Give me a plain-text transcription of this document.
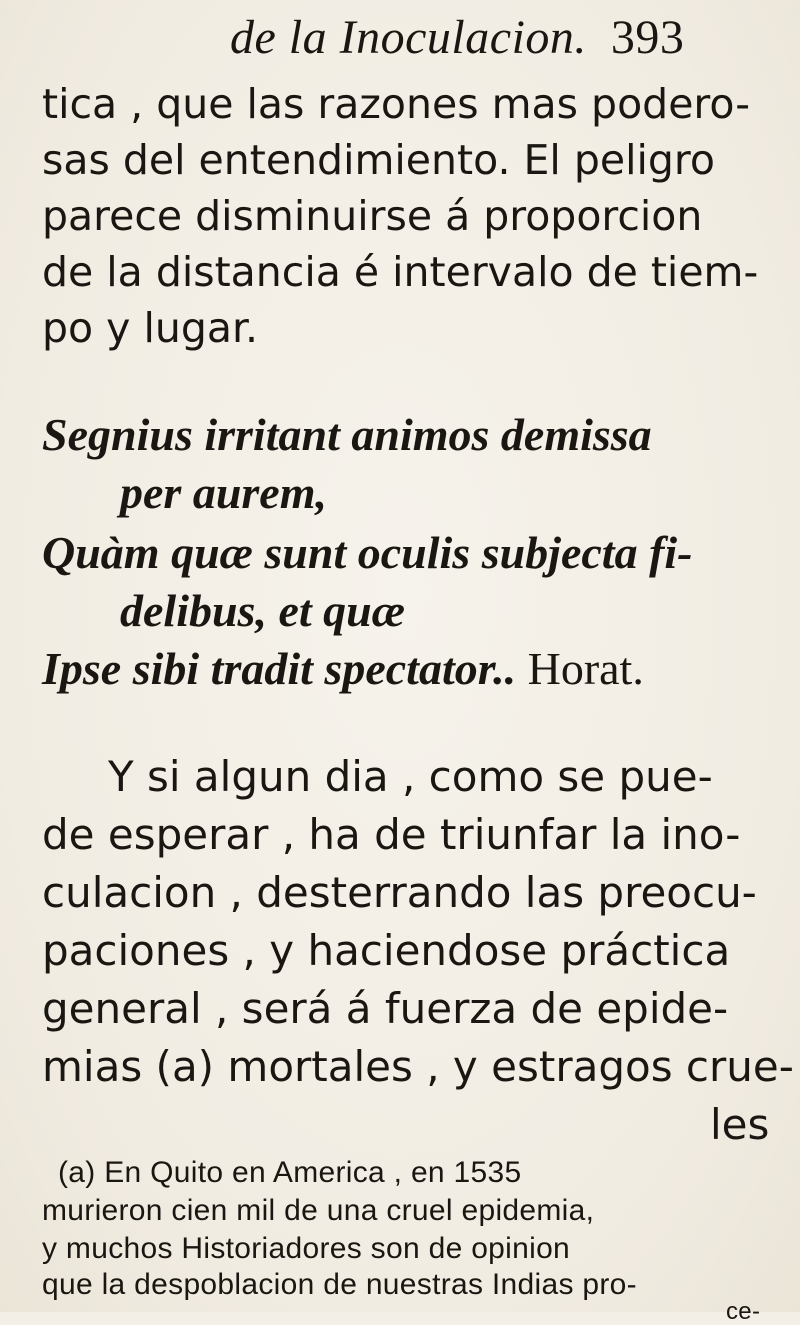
de la Inoculacion. 393
tica , que las razones mas podero-
sas del entendimiento. El peligro
parece disminuirse á proporcion
de la distancia é intervalo de tiem-
po y lugar.
Segnius irritant animos demissa
per aurem,
Quàm quæ sunt oculis subjecta fi-
delibus, et quæ
Ipse sibi tradit spectator.. Horat.
Y si algun dia , como se pue-
de esperar , ha de triunfar la ino-
culacion , desterrando las preocu-
paciones , y haciendose práctica
general , será á fuerza de epide-
mias (a) mortales , y estragos crue-
les
(a) En Quito en America , en 1535
murieron cien mil de una cruel epidemia,
y muchos Historiadores son de opinion
que la despoblacion de nuestras Indias pro-
ce-
